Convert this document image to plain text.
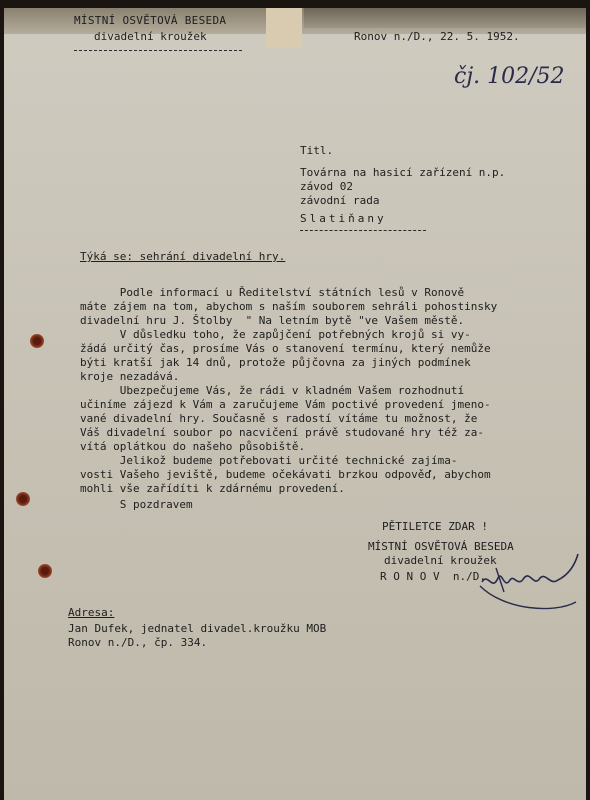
MÍSTNÍ OSVĚTOVÁ BESEDA
divadelní kroužek	Ronov n./D., 22. 5. 1952.
čj. 102/52
Titl.
Továrna na hasicí zařízení n.p.
závod 02
závodní rada
Slatiňany
Týká se: sehrání divadelní hry.
Podle informací u Ředitelství státních lesů v Ronově
máte zájem na tom, abychom s naším souborem sehráli pohostinsky
divadelní hru J. Štolby  " Na letním bytě "ve Vašem městě.
V důsledku toho, že zapůjčení potřebných krojů si vy-
žádá určitý čas, prosíme Vás o stanovení termínu, který nemůže
býti kratší jak 14 dnů, protože půjčovna za jiných podmínek
kroje nezadává.
Ubezpečujeme Vás, že rádi v kladném Vašem rozhodnutí
učiníme zájezd k Vám a zaručujeme Vám poctivé provedení jmeno-
vané divadelní hry. Současně s radostí vítáme tu možnost, že
Váš divadelní soubor po nacvičení právě studované hry též za-
vítá oplátkou do našeho působiště.
Jelikož budeme potřebovati určité technické zajíma-
vosti Vašeho jeviště, budeme očekávati brzkou odpověď, abychom
mohli vše zařídíti k zdárnému provedení.
S pozdravem
PĚTILETCE ZDAR !
MÍSTNÍ OSVĚTOVÁ BESEDA
divadelní kroužek
R O N O V  n./D.
Adresa:
Jan Dufek, jednatel divadel.kroužku MOB
Ronov n./D., čp. 334.
